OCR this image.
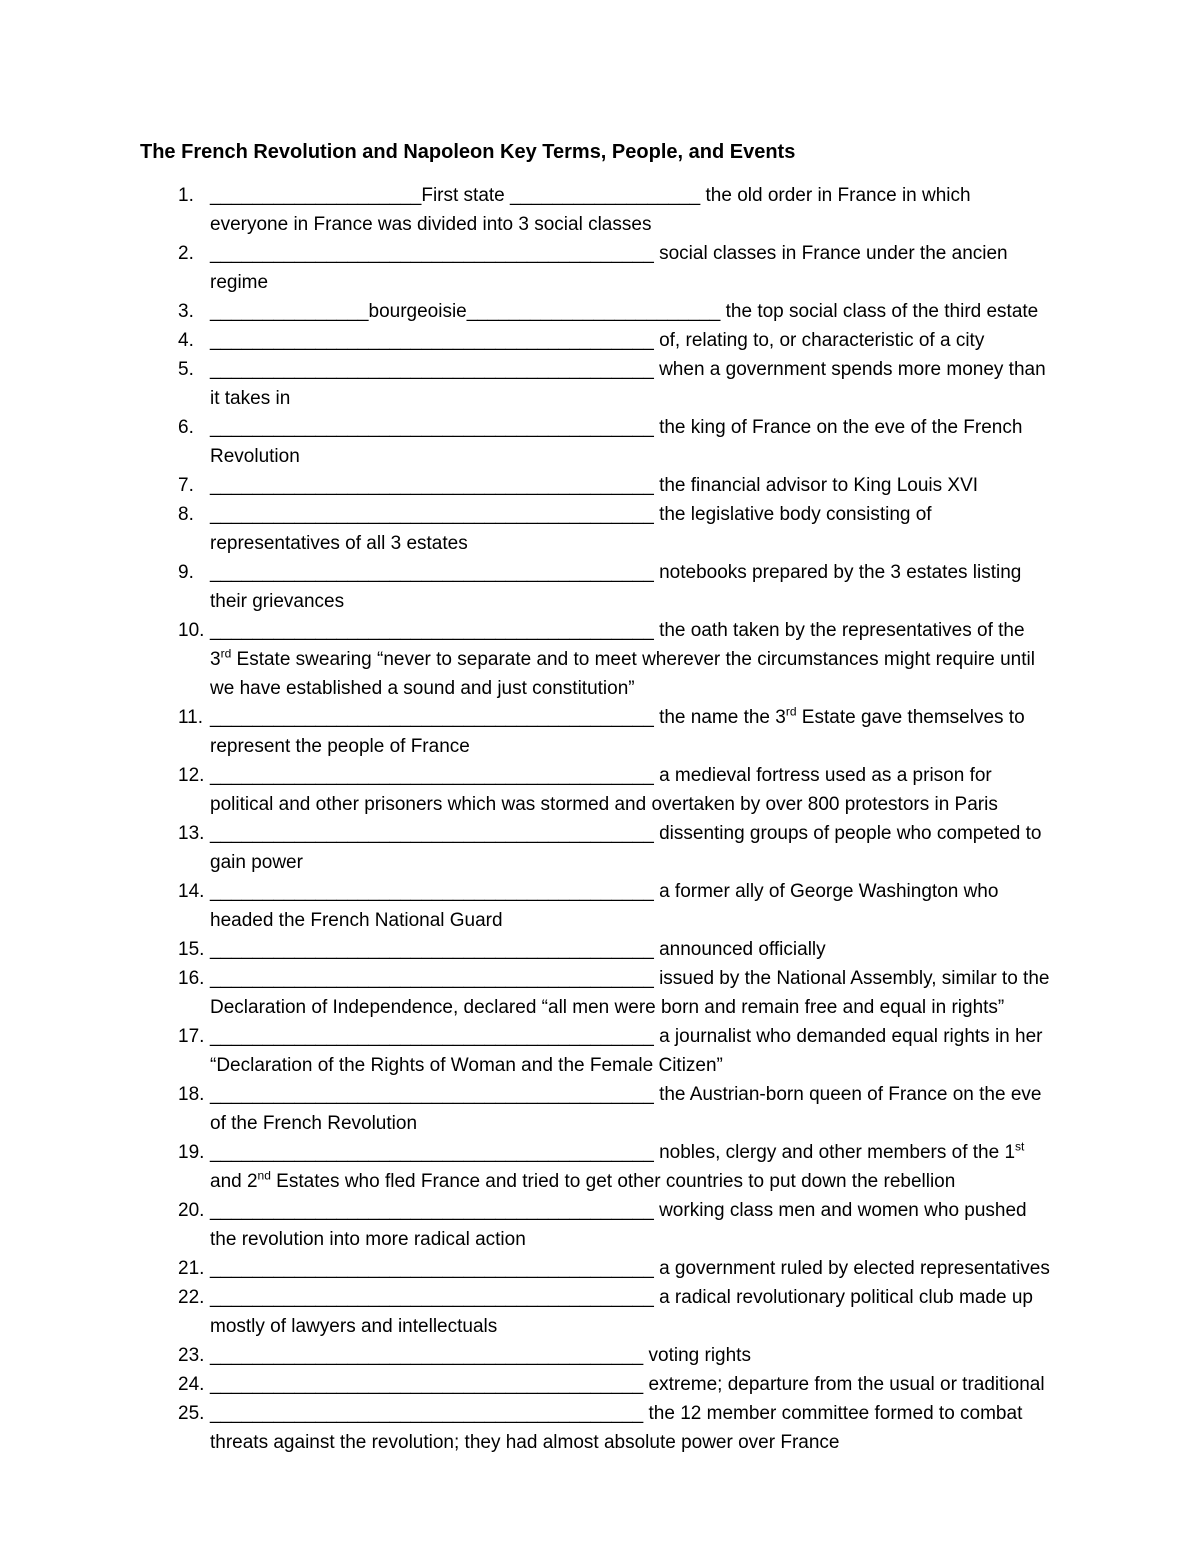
The French Revolution and Napoleon Key Terms, People, and Events
1. ____________________First state __________________ the old order in France in which everyone in France was divided into 3 social classes
2. __________________________________________ social classes in France under the ancien regime
3. _______________bourgeoisie________________________ the top social class of the third estate
4. __________________________________________ of, relating to, or characteristic of a city
5. __________________________________________ when a government spends more money than it takes in
6. __________________________________________ the king of France on the eve of the French Revolution
7. __________________________________________ the financial advisor to King Louis XVI
8. __________________________________________ the legislative body consisting of representatives of all 3 estates
9. __________________________________________ notebooks prepared by the 3 estates listing their grievances
10. __________________________________________ the oath taken by the representatives of the 3rd Estate swearing “never to separate and to meet wherever the circumstances might require until we have established a sound and just constitution”
11. __________________________________________ the name the 3rd Estate gave themselves to represent the people of France
12. __________________________________________ a medieval fortress used as a prison for political and other prisoners which was stormed and overtaken by over 800 protestors in Paris
13. __________________________________________ dissenting groups of people who competed to gain power
14. __________________________________________ a former ally of George Washington who headed the French National Guard
15. __________________________________________ announced officially
16. __________________________________________ issued by the National Assembly, similar to the Declaration of Independence, declared “all men were born and remain free and equal in rights”
17. __________________________________________ a journalist who demanded equal rights in her “Declaration of the Rights of Woman and the Female Citizen”
18. __________________________________________ the Austrian-born queen of France on the eve of the French Revolution
19. __________________________________________ nobles, clergy and other members of the 1st and 2nd Estates who fled France and tried to get other countries to put down the rebellion
20. __________________________________________ working class men and women who pushed the revolution into more radical action
21. __________________________________________ a government ruled by elected representatives
22. __________________________________________ a radical revolutionary political club made up mostly of lawyers and intellectuals
23. _________________________________________ voting rights
24. _________________________________________ extreme; departure from the usual or traditional
25. _________________________________________ the 12 member committee formed to combat threats against the revolution; they had almost absolute power over France
